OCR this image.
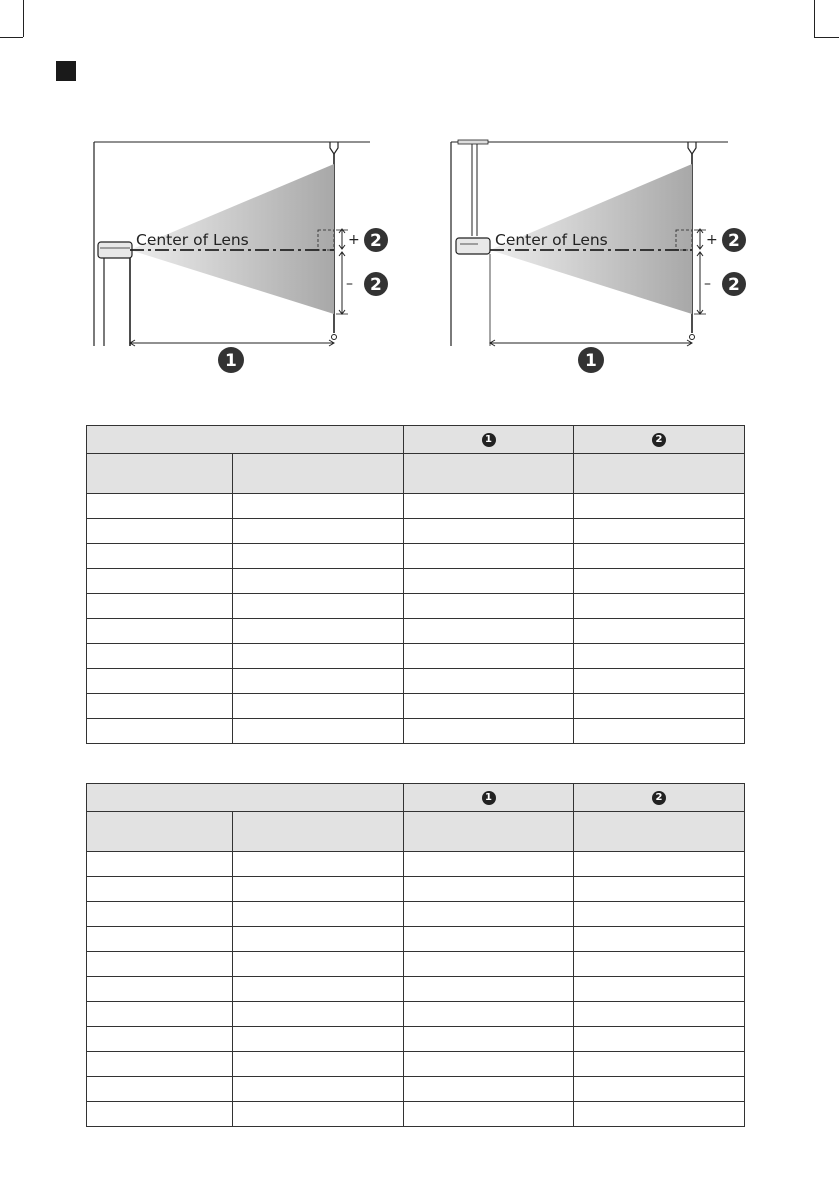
Center of Lens	+
–
2
2
1
Center of Lens	+
–
2
2
1
		1	2

		1	2
